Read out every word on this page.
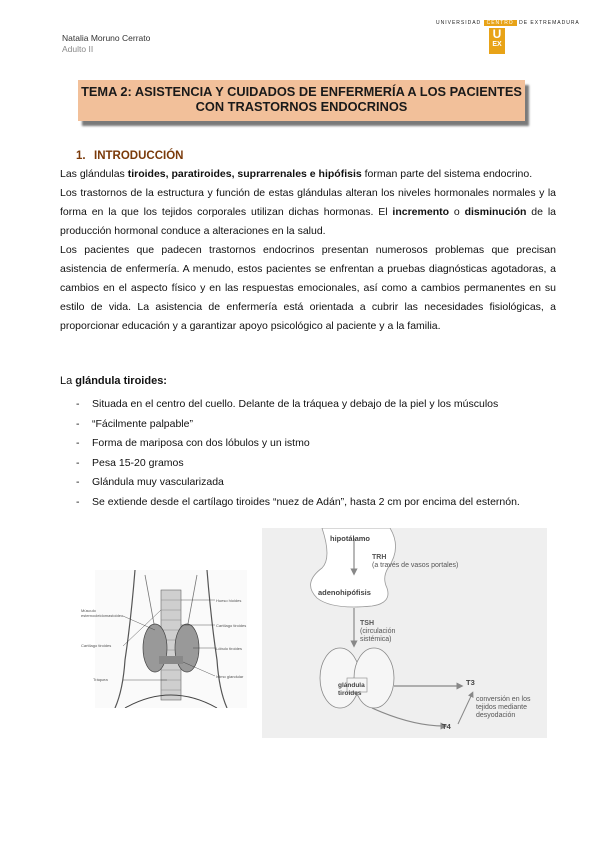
Natalia Moruno Cerrato
Adulto II
UNIVERSIDAD CENTRO DE EXTREMADURA
U
EX
TEMA 2: ASISTENCIA Y CUIDADOS DE ENFERMERÍA A LOS PACIENTES
CON TRASTORNOS ENDOCRINOS
1. INTRODUCCIÓN

Las glándulas tiroides, paratiroides, suprarrenales e hipófisis forman parte del sistema endocrino.

Los trastornos de la estructura y función de estas glándulas alteran los niveles hormonales normales y la forma en la que los tejidos corporales utilizan dichas hormonas. El incremento o disminución de la producción hormonal conduce a alteraciones en la salud.

Los pacientes que padecen trastornos endocrinos presentan numerosos problemas que precisan asistencia de enfermería. A menudo, estos pacientes se enfrentan a pruebas diagnósticas agotadoras, a cambios en el aspecto físico y en las respuestas emocionales, así como a cambios permanentes en su estilo de vida. La asistencia de enfermería está orientada a cubrir las necesidades fisiológicas, a proporcionar educación y a garantizar apoyo psicológico al paciente y a la familia.

La glándula tiroides:
- Situada en el centro del cuello. Delante de la tráquea y debajo de la piel y los músculos
- “Fácilmente palpable”
- Forma de mariposa con dos lóbulos y un istmo
- Pesa 15-20 gramos
- Glándula muy vascularizada
- Se extiende desde el cartílago tiroides “nuez de Adán”, hasta 2 cm por encima del esternón.
Músculo
esternocleidomastoideo
Cartílago tiroides
Tráquea
Hueso hioides
Cartílago tiroides
Lóbulo tiroides
Istmo glandular
hipotálamo
TRH
(a través de vasos portales)
adenohipófisis
TSH
(circulación sistémica)
glándula tiroides
T3
T4
conversión en los tejidos mediante desyodación
